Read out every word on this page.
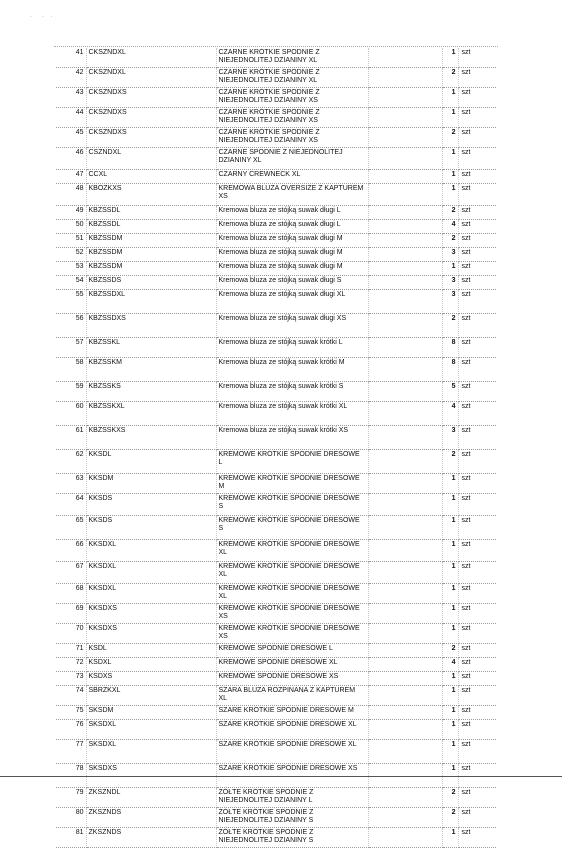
·      ·    ·
41	CKSZNDXL	CZARNE KRÓTKIE SPODNIE Z NIEJEDNOLITEJ DZIANINY XL		1	szt
42	CKSZNDXL	CZARNE KRÓTKIE SPODNIE Z NIEJEDNOLITEJ DZIANINY XL		2	szt
43	CKSZNDXS	CZARNE KRÓTKIE SPODNIE Z NIEJEDNOLITEJ DZIANINY XS		1	szt
44	CKSZNDXS	CZARNE KRÓTKIE SPODNIE Z NIEJEDNOLITEJ DZIANINY XS		1	szt
45	CKSZNDXS	CZARNE KRÓTKIE SPODNIE Z NIEJEDNOLITEJ DZIANINY XS		2	szt
46	CSZNDXL	CZARNE SPODNIE Z NIEJEDNOLITEJ DZIANINY XL		1	szt
47	CCXL	CZARNY CREWNECK XL		1	szt
48	KBOZKXS	KREMOWA BLUZA OVERSIZE Z KAPTUREM XS		1	szt
49	KBZSSDL	Kremowa bluza ze stójką suwak długi L		2	szt
50	KBZSSDL	Kremowa bluza ze stójką suwak długi L		4	szt
51	KBZSSDM	Kremowa bluza ze stójką suwak długi M		2	szt
52	KBZSSDM	Kremowa bluza ze stójką suwak długi M		3	szt
53	KBZSSDM	Kremowa bluza ze stójką suwak długi M		1	szt
54	KBZSSDS	Kremowa bluza ze stójką suwak długi S		3	szt
55	KBZSSDXL	Kremowa bluza ze stójką suwak długi XL		3	szt
56	KBZSSDXS	Kremowa bluza ze stójką suwak długi XS		2	szt
57	KBZSSKL	Kremowa bluza ze stójką suwak krótki L		8	szt
58	KBZSSKM	Kremowa bluza ze stójką suwak krótki M		8	szt
59	KBZSSKS	Kremowa bluza ze stójką suwak krótki S		5	szt
60	KBZSSKXL	Kremowa bluza ze stójką suwak krótki XL		4	szt
61	KBZSSKXS	Kremowa bluza ze stójką suwak krótki XS		3	szt
62	KKSDL	KREMOWE KRÓTKIE SPODNIE DRESOWE L		2	szt
63	KKSDM	KREMOWE KRÓTKIE SPODNIE DRESOWE M		1	szt
64	KKSDS	KREMOWE KRÓTKIE SPODNIE DRESOWE S		1	szt
65	KKSDS	KREMOWE KRÓTKIE SPODNIE DRESOWE S		1	szt
66	KKSDXL	KREMOWE KRÓTKIE SPODNIE DRESOWE XL		1	szt
67	KKSDXL	KREMOWE KRÓTKIE SPODNIE DRESOWE XL		1	szt
68	KKSDXL	KREMOWE KRÓTKIE SPODNIE DRESOWE XL		1	szt
69	KKSDXS	KREMOWE KRÓTKIE SPODNIE DRESOWE XS		1	szt
70	KKSDXS	KREMOWE KRÓTKIE SPODNIE DRESOWE XS		1	szt
71	KSDL	KREMOWE SPODNIE DRESOWE L		2	szt
72	KSDXL	KREMOWE SPODNIE DRESOWE XL		4	szt
73	KSDXS	KREMOWE SPODNIE DRESOWE XS		1	szt
74	SBRZKXL	SZARA BLUZA ROZPINANA Z KAPTUREM XL		1	szt
75	SKSDM	SZARE KRÓTKIE SPODNIE DRESOWE M		1	szt
76	SKSDXL	SZARE KRÓTKIE SPODNIE DRESOWE XL		1	szt
77	SKSDXL	SZARE KRÓTKIE SPODNIE DRESOWE XL		1	szt
78	SKSDXS	SZARE KRÓTKIE SPODNIE DRESOWE XS		1	szt
79	ZKSZNDL	ŻÓŁTE KRÓTKIE SPODNIE Z NIEJEDNOLITEJ DZIANINY L		2	szt
80	ZKSZNDS	ŻÓŁTE KRÓTKIE SPODNIE Z NIEJEDNOLITEJ DZIANINY S		2	szt
81	ZKSZNDS	ŻÓŁTE KRÓTKIE SPODNIE Z NIEJEDNOLITEJ DZIANINY S		1	szt
